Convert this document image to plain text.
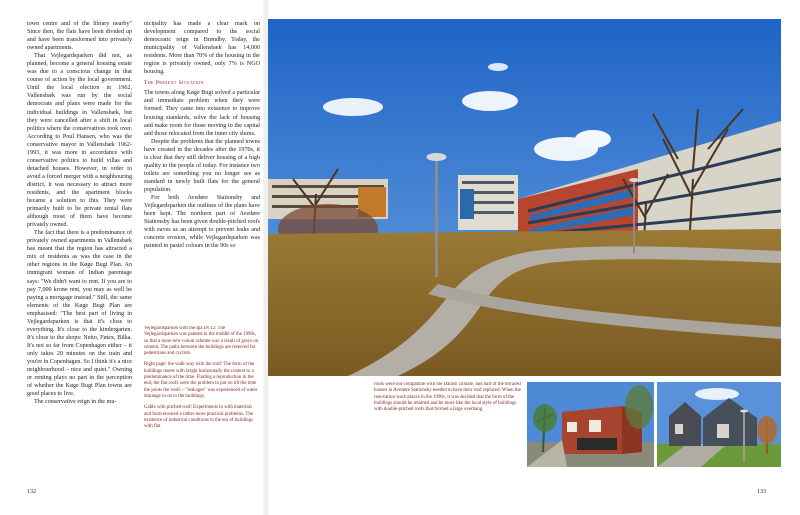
town centre and of the library nearby" Since then, the flats have been divided up and have been transformed into privately owned apartments.

That Vejlegardsparken did not, as planned, become a general housing estate was due to a conscious change in that course of action by the local government. Until the local election in 1962, Vallensbæk was run by the social democrats and plans were made for the individual buildings in Vallensbæk, but they were cancelled after a shift in local politics where the conservatives took over. According to Poul Hansen, who was the conservative mayor in Vallensbæk 1962-1993, it was more in accordance with conservative politics to build villas and detached houses. However, in order to avoid a forced merger with a neighbouring district, it was necessary to attract more residents, and the apartment blocks became a solution to this. They were primarily built to be private rental flats although most of them have become privately owned.

The fact that there is a predominance of privately owned apartments in Vallensbæk has meant that the region has attracted a mix of residents as was the case in the other regions in the Køge Bugt Plan. An immigrant woman of Indian parentage says: "We didn't want to rent. If you are to pay 7,000 krone rent, you may as well be paying a mortgage instead." Still, the same elements of the Køge Bugt Plan are emphasised: "The best part of living in Vejlegardsparken is that it's close to everything. It's close to the kindergarten. It's close to the shops: Netto, Føtex, Bilka. It's not so far from Copenhagen either – it only takes 20 minutes on the train and you're in Copenhagen. So I think it's a nice neighbourhood – nice and quiet." Owning or renting plays no part in the perception of whether the Køge Bugt Plan towns are good places to live.

The conservative reign in the mu-

nicipality has made a clear mark on development compared to the social democratic reign in Brøndby. Today, the municipality of Vallensbæk has 14,000 residents. More than 70% of the housing in the region is privately owned, only 7% is NGO housing.

The Present Situation

The towns along Køge Bugt solved a particular and immediate problem when they were formed. They came into existence to improve housing standards, solve the lack of housing and make room for those moving to the capital and those relocated from the inner city slums.

Despite the problems that the planned towns have created in the decades after the 1970s, it is clear that they still deliver housing of a high quality to the people of today. For instance two toilets are something you no longer see as standard in newly built flats for the general population.

For both Avedøre Stationsby and Vejlegardsparken the outlines of the plans have been kept. The northern part of Avedøre Stationsby has been given double-pitched roofs with eaves as an attempt to prevent leaks and concrete erosion, while Vejlegardsparken was painted in pastel colours in the 90s so

Vejlegardsparken with the Ipa IN 12: The Vejlegardsparken was painted in the middle of the 1990s, so that a more new colour scheme was a result of greys on cement. The paths between the buildings are reserved for pedestrians and cyclists.
Right page: the walk-way with the roof: The form of the buildings meets with bright horizontally the context to a predominance of the time. Finding a reproduction in the end, the flat roofs were the problem to put on till the time the joints the roofs – "leakages" was experienced of water drainage in on to the buildings.
Gable with pitched roof: Experiments in with materials and form ensured a rather more practical problems. The existence of industrial conditions in the era of buildings with flat
roofs were not compatible with the Danish climate, and half of the terraced houses in Avedøre Stationsby needed to have their roof replaced. When the renovation work places in the 1990s, it was decided that the form of the buildings should be retained and be more like the local style of buildings with double-pitched roofs that formed a large overhang
132	133
